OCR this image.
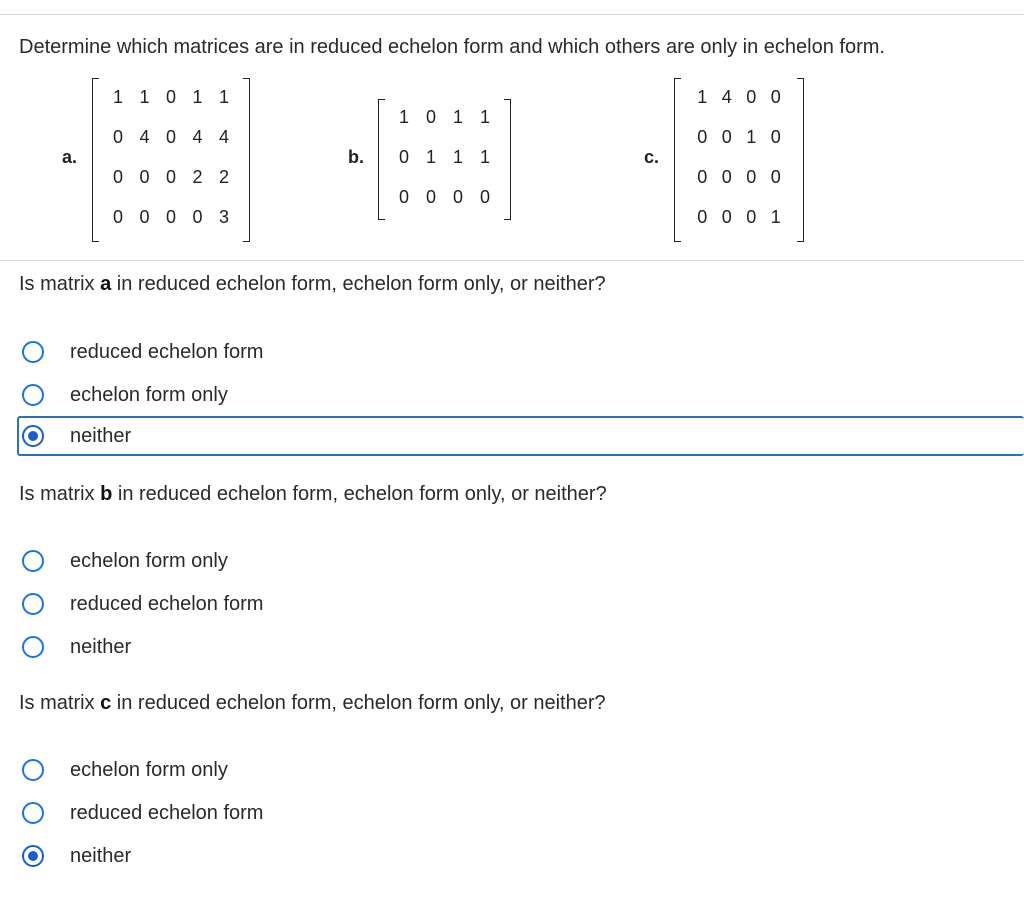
Determine which matrices are in reduced echelon form and which others are only in echelon form.
a.
1 1 0 1 1
0 4 0 4 4
0 0 0 2 2
0 0 0 0 3
b.
1 0 1 1
0 1 1 1
0 0 0 0
c.
1 4 0 0
0 0 1 0
0 0 0 0
0 0 0 1
Is matrix a in reduced echelon form, echelon form only, or neither?
reduced echelon form
echelon form only
neither
Is matrix b in reduced echelon form, echelon form only, or neither?
echelon form only
reduced echelon form
neither
Is matrix c in reduced echelon form, echelon form only, or neither?
echelon form only
reduced echelon form
neither
